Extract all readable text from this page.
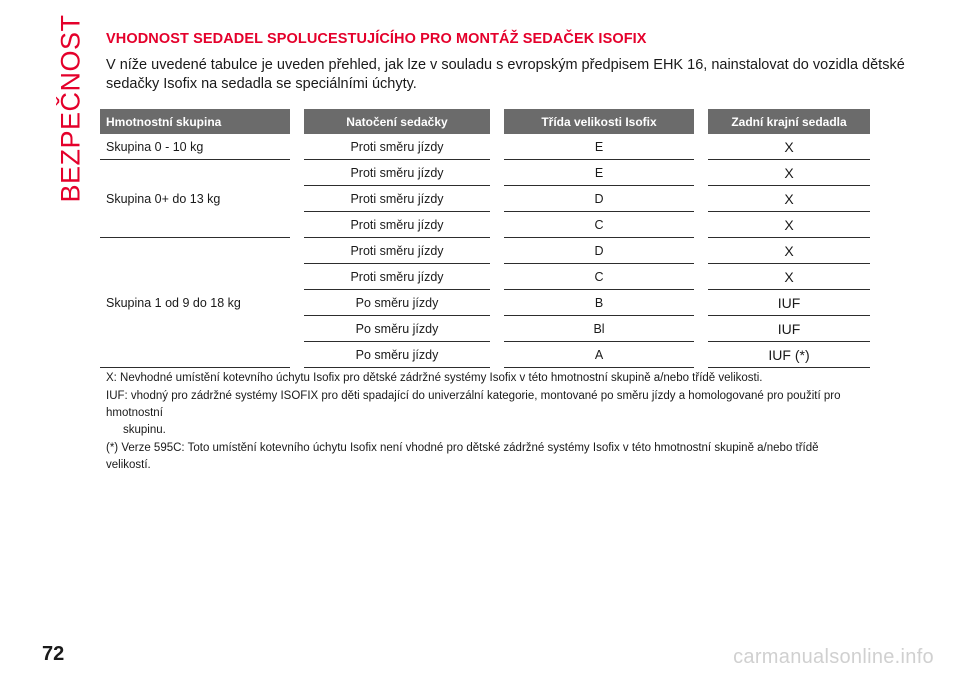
BEZPEČNOST VHODNOST SEDADEL SPOLUCESTUJÍCÍHO PRO MONTÁŽ SEDAČEK ISOFIX

V níže uvedené tabulce je uveden přehled, jak lze v souladu s evropským předpisem EHK 16, nainstalovat do vozidla dětské sedačky Isofix na sedadla se speciálními úchyty.

Hmotnostní skupina		Natočení sedačky		Třída velikosti Isofix		Zadní krajní sedadla
Skupina 0 - 10 kg		Proti směru jízdy		E		X
Skupina 0+ do 13 kg		Proti směru jízdy		E		X
		Proti směru jízdy		D		X
		Proti směru jízdy		C		X
Skupina 1 od 9 do 18 kg		Proti směru jízdy		D		X
		Proti směru jízdy		C		X
		Po směru jízdy		B		IUF
		Po směru jízdy		Bl		IUF
		Po směru jízdy		A		IUF (*)

X: Nevhodné umístění kotevního úchytu Isofix pro dětské zádržné systémy Isofix v této hmotnostní skupině a/nebo třídě velikosti.

IUF: vhodný pro zádržné systémy ISOFIX pro děti spadající do univerzální kategorie, montované po směru jízdy a homologované pro použití pro hmotnostní
skupinu.

(*) Verze 595C: Toto umístění kotevního úchytu Isofix není vhodné pro dětské zádržné systémy Isofix v této hmotnostní skupině a/nebo třídě velikostí.

72	carmanualsonline.info
